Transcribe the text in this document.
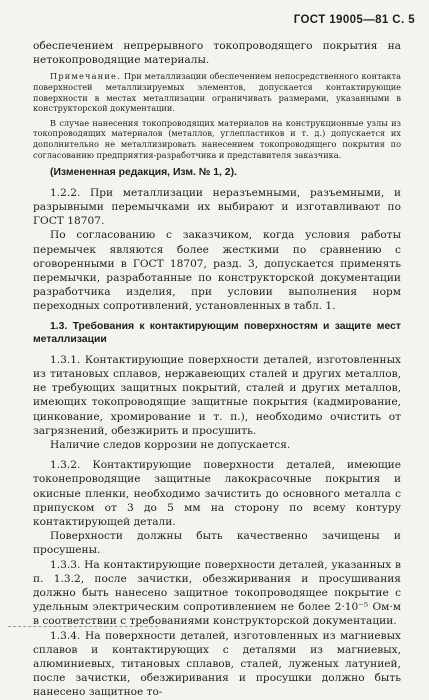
ГОСТ 19005—81 С. 5

обеспечением непрерывного токопроводящего покрытия на нетокопроводящие материалы.

Примечание. При металлизации обеспечением непосредственного контакта поверхностей металлизируемых элементов, допускается контактирующие поверхности в местах металлизации ограничивать размерами, указанными в конструкторской документации.

В случае нанесения токопроводящих материалов на конструкционные узлы из токопроводящих материалов (металлов, углепластиков и т. д.) допускается их дополнительно не металлизировать нанесением токопроводящего покрытия по согласованию предприятия-разработчика и представителя заказчика.

(Измененная редакция, Изм. № 1, 2).

1.2.2. При металлизации неразъемными, разъемными, и разрывными перемычками их выбирают и изготавливают по ГОСТ 18707.

По согласованию с заказчиком, когда условия работы перемычек являются более жесткими по сравнению с оговоренными в ГОСТ 18707, разд. 3, допускается применять перемычки, разработанные по конструкторской документации разработчика изделия, при условии выполнения норм переходных сопротивлений, установленных в табл. 1.

1.3. Требования к контактирующим поверхностям и защите мест металлизации

1.3.1. Контактирующие поверхности деталей, изготовленных из титановых сплавов, нержавеющих сталей и других металлов, не требующих защитных покрытий, сталей и других металлов, имеющих токопроводящие защитные покрытия (кадмирование, цинкование, хромирование и т. п.), необходимо очистить от загрязнений, обезжирить и просушить.

Наличие следов коррозии не допускается.

1.3.2. Контактирующие поверхности деталей, имеющие токонепроводящие защитные лакокрасочные покрытия и окисные пленки, необходимо зачистить до основного металла с припуском от 3 до 5 мм на сторону по всему контуру контактирующей детали.

Поверхности должны быть качественно зачищены и просушены.

1.3.3. На контактирующие поверхности деталей, указанных в п. 1.3.2, после зачистки, обезжиривания и просушивания должно быть нанесено защитное токопроводящее покрытие с удельным электрическим сопротивлением не более 2·10⁻⁵ Ом·м в соответствии с требованиями конструкторской документации.

1.3.4. На поверхности деталей, изготовленных из магниевых сплавов и контактирующих с деталями из магниевых, алюминиевых, титановых сплавов, сталей, луженых латунией, после зачистки, обезжиривания и просушки должно быть нанесено защитное то-
